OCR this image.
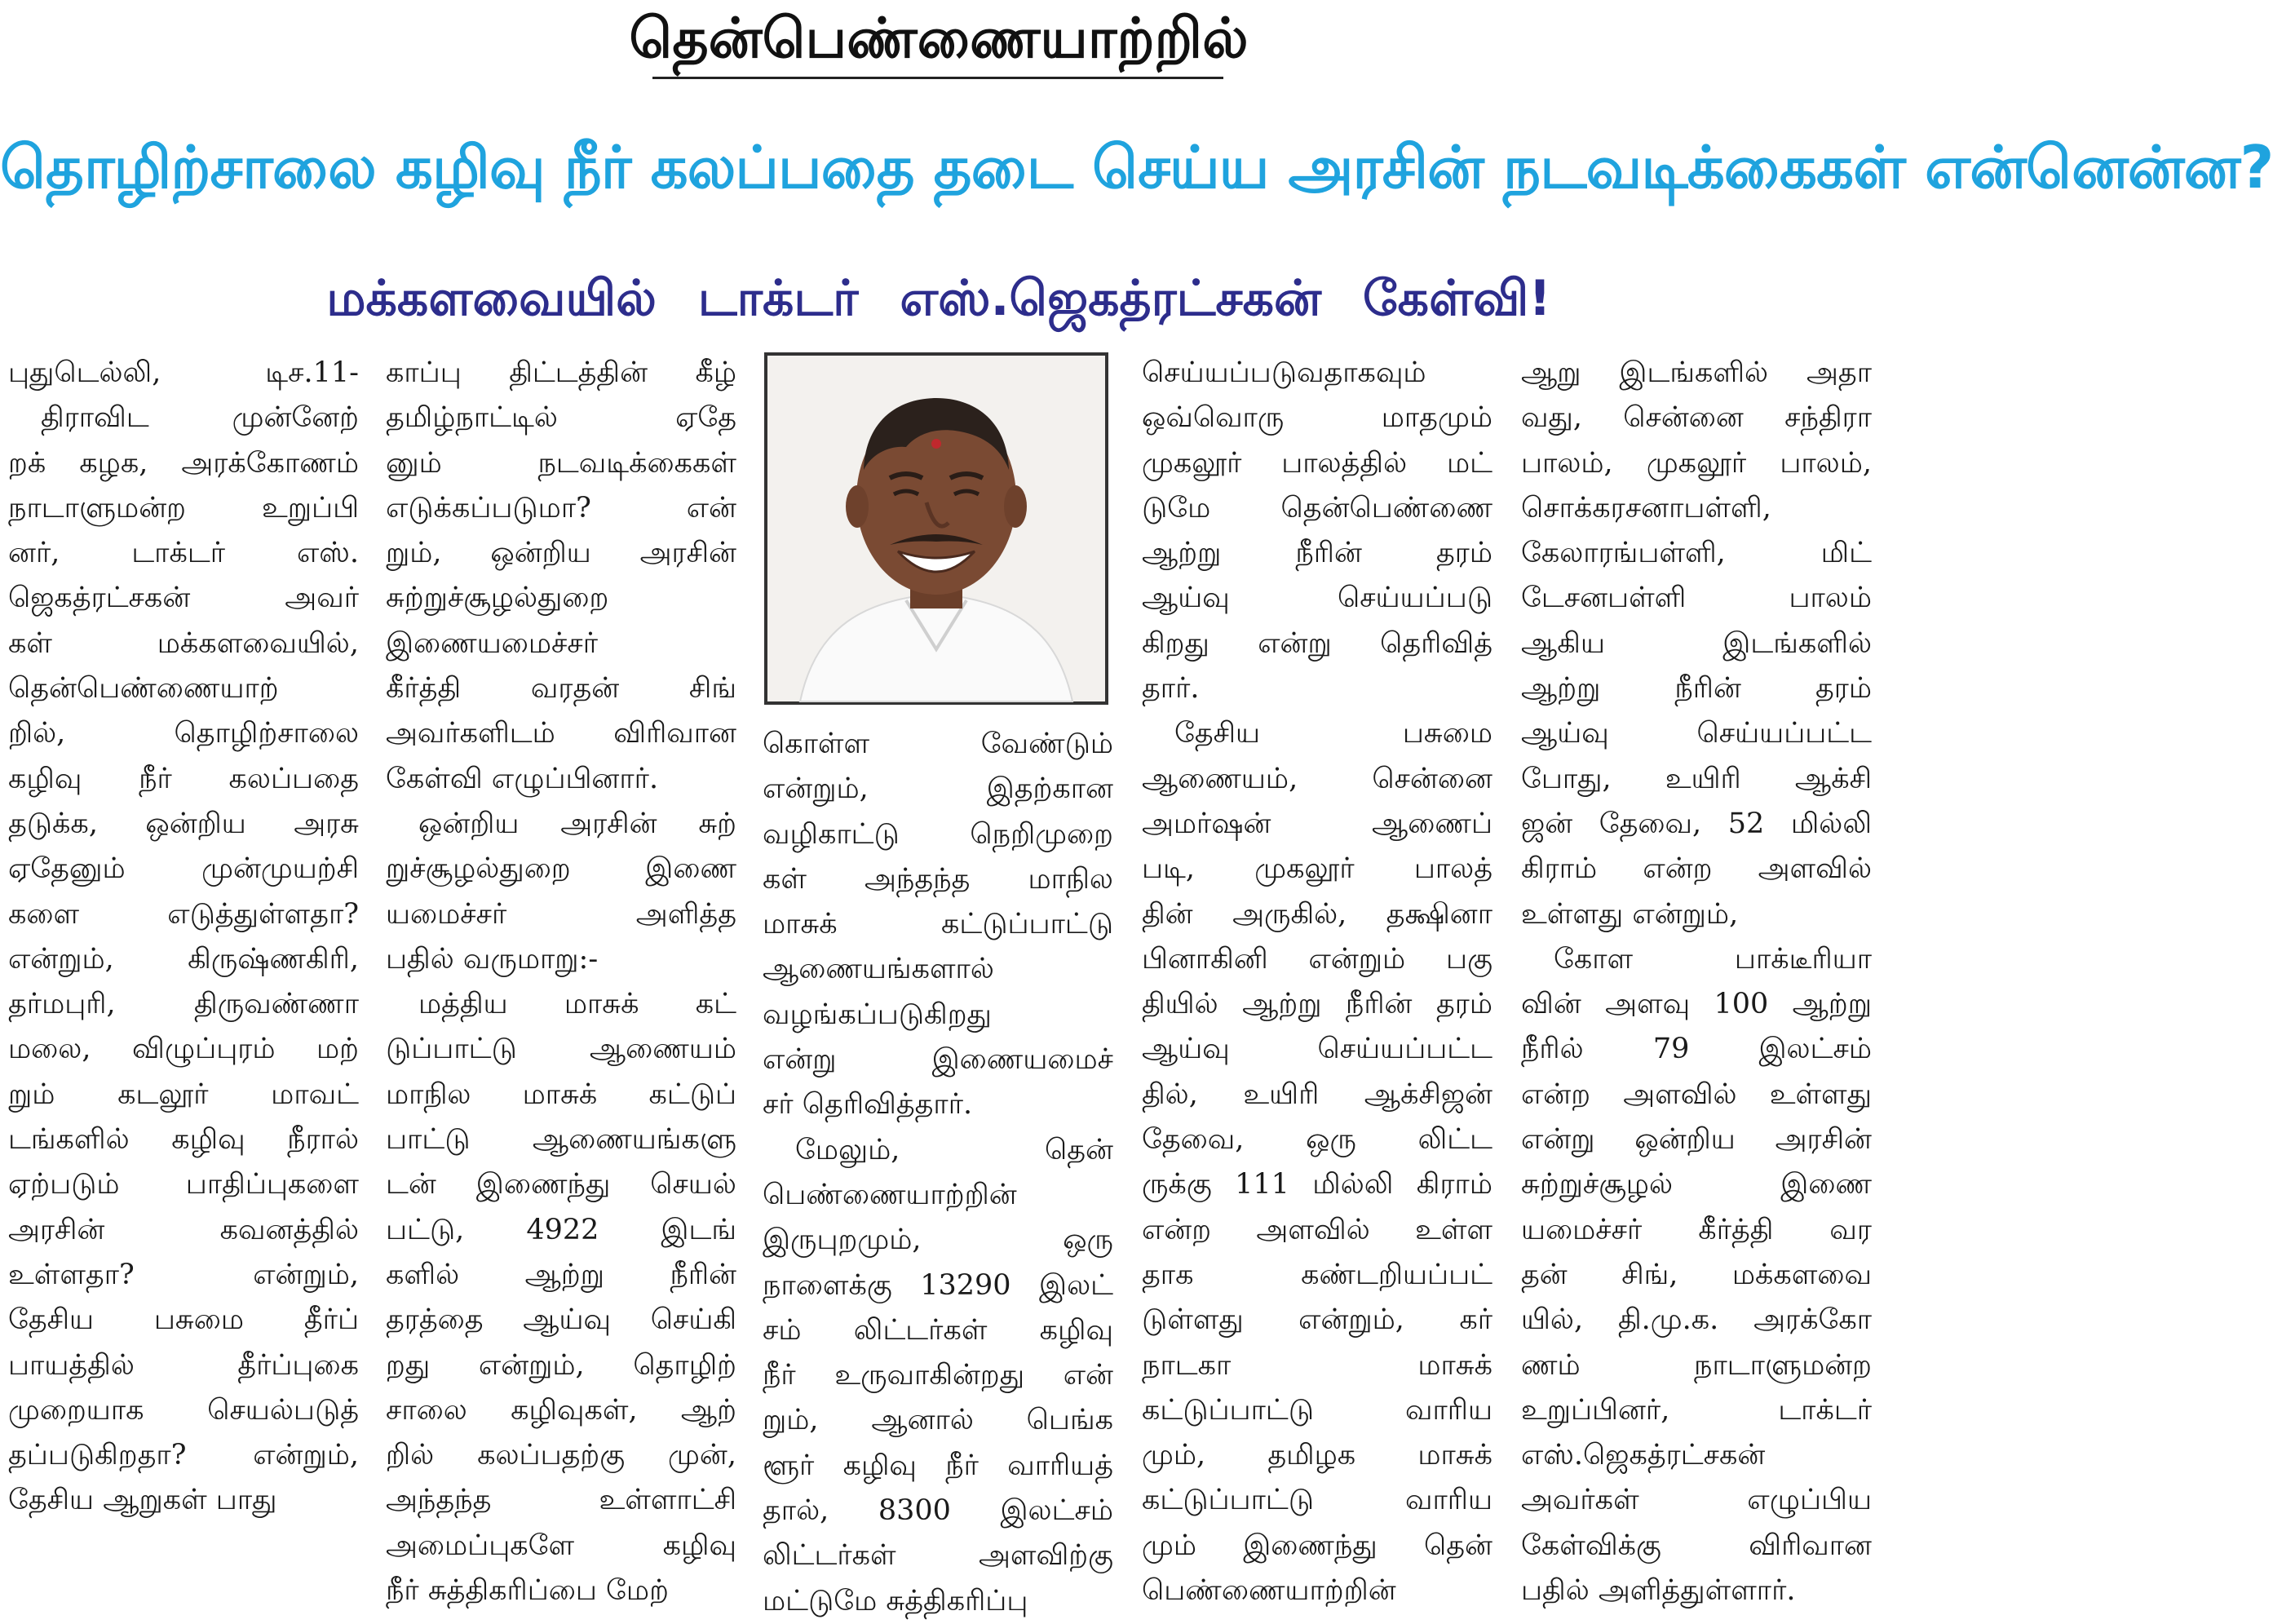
தென்பெண்ணையாற்றில்
தொழிற்சாலை கழிவு நீர் கலப்பதை தடை செய்ய அரசின் நடவடிக்கைகள் என்னென்ன?
மக்களவையில் டாக்டர் எஸ்.ஜெகத்ரட்சகன் கேள்வி!
புதுடெல்லி, டிச.11-
திராவிட முன்னேற்
றக் கழக, அரக்கோணம்
நாடாளுமன்ற உறுப்பி
னர், டாக்டர் எஸ்.
ஜெகத்ரட்சகன் அவர்
கள் மக்களவையில்,
தென்பெண்ணையாற்
றில், தொழிற்சாலை
கழிவு நீர் கலப்பதை
தடுக்க, ஒன்றிய அரசு
ஏதேனும் முன்முயற்சி
களை எடுத்துள்ளதா?
என்றும், கிருஷ்ணகிரி,
தர்மபுரி, திருவண்ணா
மலை, விழுப்புரம் மற்
றும் கடலூர் மாவட்
டங்களில் கழிவு நீரால்
ஏற்படும் பாதிப்புகளை
அரசின் கவனத்தில்
உள்ளதா? என்றும்,
தேசிய பசுமை தீர்ப்
பாயத்தில் தீர்ப்புகை
முறையாக செயல்படுத்
தப்படுகிறதா? என்றும்,
தேசிய ஆறுகள் பாது
காப்பு திட்டத்தின் கீழ்
தமிழ்நாட்டில் ஏதே
னும் நடவடிக்கைகள்
எடுக்கப்படுமா? என்
றும், ஒன்றிய அரசின்
சுற்றுச்சூழல்துறை
இணையமைச்சர்
கீர்த்தி வரதன் சிங்
அவர்களிடம் விரிவான
கேள்வி எழுப்பினார்.
ஒன்றிய அரசின் சுற்
றுச்சூழல்துறை இணை
யமைச்சர் அளித்த
பதில் வருமாறு:-
மத்திய மாசுக் கட்
டுப்பாட்டு ஆணையம்
மாநில மாசுக் கட்டுப்
பாட்டு ஆணையங்களு
டன் இணைந்து செயல்
பட்டு, 4922 இடங்
களில் ஆற்று நீரின்
தரத்தை ஆய்வு செய்கி
றது என்றும், தொழிற்
சாலை கழிவுகள், ஆற்
றில் கலப்பதற்கு முன்,
அந்தந்த உள்ளாட்சி
அமைப்புகளே கழிவு
நீர் சுத்திகரிப்பை மேற்
கொள்ள வேண்டும்
என்றும், இதற்கான
வழிகாட்டு நெறிமுறை
கள் அந்தந்த மாநில
மாசுக் கட்டுப்பாட்டு
ஆணையங்களால்
வழங்கப்படுகிறது
என்று இணையமைச்
சர் தெரிவித்தார்.
மேலும், தென்
பெண்ணையாற்றின்
இருபுறமும், ஒரு
நாளைக்கு 13290 இலட்
சம் லிட்டர்கள் கழிவு
நீர் உருவாகின்றது என்
றும், ஆனால் பெங்க
ளூர் கழிவு நீர் வாரியத்
தால், 8300 இலட்சம்
லிட்டர்கள் அளவிற்கு
மட்டுமே சுத்திகரிப்பு
செய்யப்படுவதாகவும்
ஒவ்வொரு மாதமும்
முகலூர் பாலத்தில் மட்
டுமே தென்பெண்ணை
ஆற்று நீரின் தரம்
ஆய்வு செய்யப்படு
கிறது என்று தெரிவித்
தார்.
தேசிய பசுமை
ஆணையம், சென்னை
அமர்ஷன் ஆணைப்
படி, முகலூர் பாலத்
தின் அருகில், தக்ஷினா
பினாகினி என்றும் பகு
தியில் ஆற்று நீரின் தரம்
ஆய்வு செய்யப்பட்ட
தில், உயிரி ஆக்சிஜன்
தேவை, ஒரு லிட்ட
ருக்கு 111 மில்லி கிராம்
என்ற அளவில் உள்ள
தாக கண்டறியப்பட்
டுள்ளது என்றும், கர்
நாடகா மாசுக்
கட்டுப்பாட்டு வாரிய
மும், தமிழக மாசுக்
கட்டுப்பாட்டு வாரிய
மும் இணைந்து தென்
பெண்ணையாற்றின்
ஆறு இடங்களில் அதா
வது, சென்னை சந்திரா
பாலம், முகலூர் பாலம்,
சொக்கரசனாபள்ளி,
கேலாரங்பள்ளி, மிட்
டேசனபள்ளி பாலம்
ஆகிய இடங்களில்
ஆற்று நீரின் தரம்
ஆய்வு செய்யப்பட்ட
போது, உயிரி ஆக்சி
ஜன் தேவை, 52 மில்லி
கிராம் என்ற அளவில்
உள்ளது என்றும்,
கோள பாக்டீரியா
வின் அளவு 100 ஆற்று
நீரில் 79 இலட்சம்
என்ற அளவில் உள்ளது
என்று ஒன்றிய அரசின்
சுற்றுச்சூழல் இணை
யமைச்சர் கீர்த்தி வர
தன் சிங், மக்களவை
யில், தி.மு.க. அரக்கோ
ணம் நாடாளுமன்ற
உறுப்பினர், டாக்டர்
எஸ்.ஜெகத்ரட்சகன்
அவர்கள் எழுப்பிய
கேள்விக்கு விரிவான
பதில் அளித்துள்ளார்.
